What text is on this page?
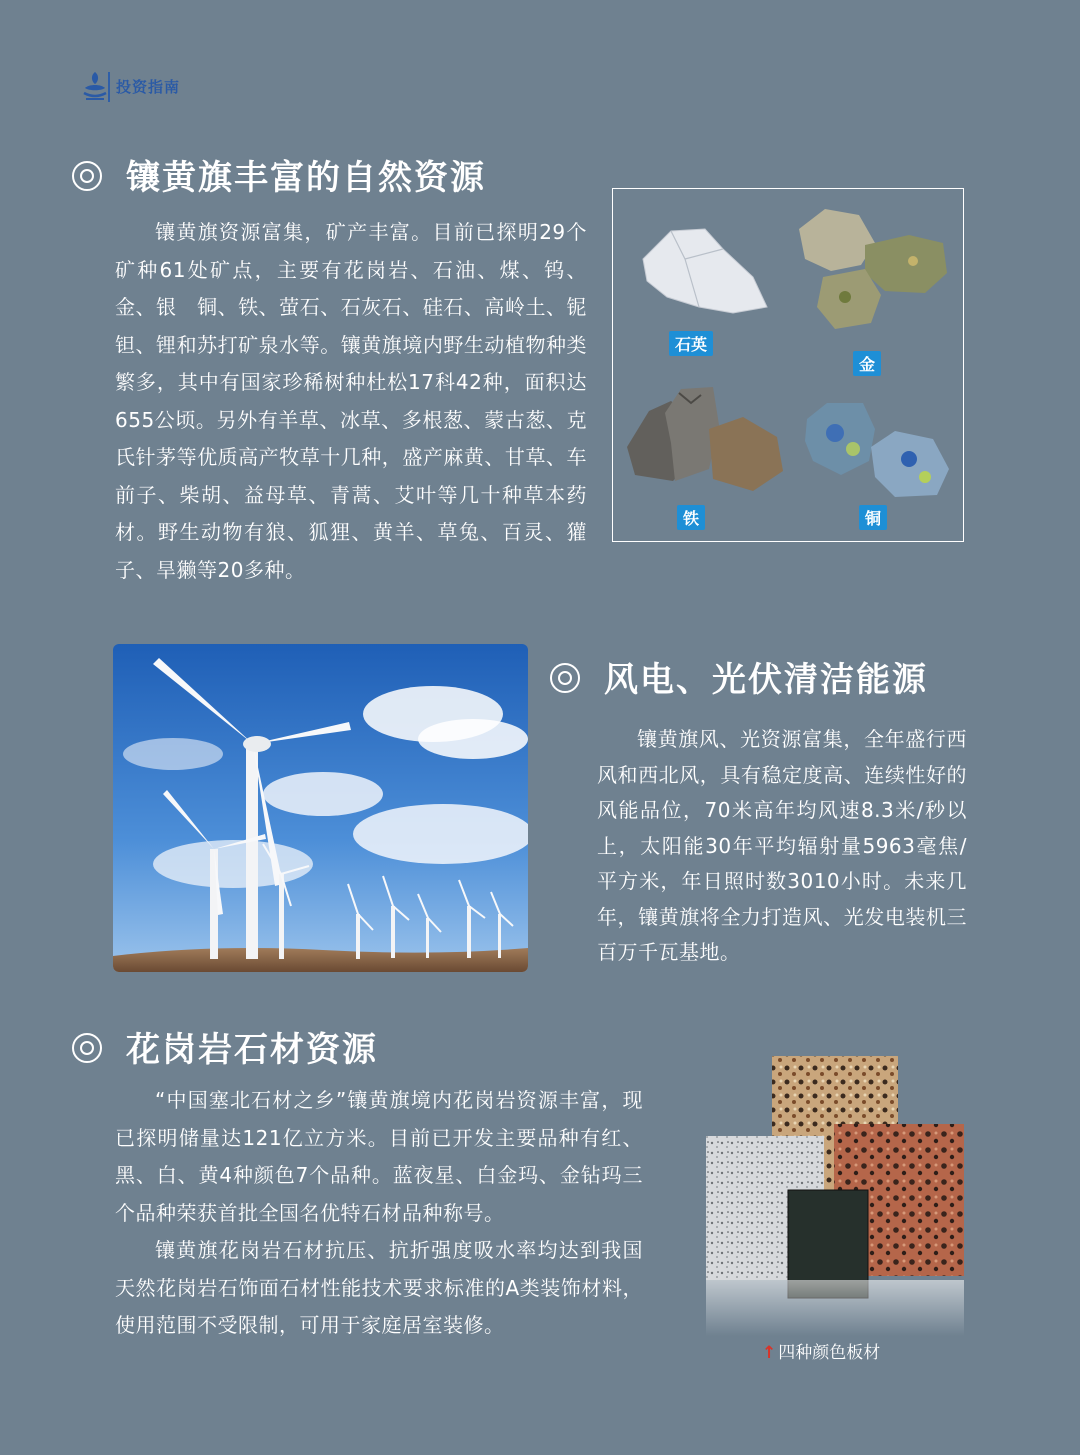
投资指南
镶黄旗丰富的自然资源

镶黄旗资源富集，矿产丰富。目前已探明29个矿种61处矿点，主要有花岗岩、石油、煤、钨、金、银　铜、铁、萤石、石灰石、硅石、高岭土、铌钽、锂和苏打矿泉水等。镶黄旗境内野生动植物种类繁多，其中有国家珍稀树种杜松17科42种，面积达655公顷。另外有羊草、冰草、多根葱、蒙古葱、克氏针茅等优质高产牧草十几种，盛产麻黄、甘草、车前子、柴胡、益母草、青蒿、艾叶等几十种草本药材。野生动物有狼、狐狸、黄羊、草兔、百灵、獾子、旱獭等20多种。

石英
金
铁	铜
风电、光伏清洁能源

镶黄旗风、光资源富集，全年盛行西风和西北风，具有稳定度高、连续性好的风能品位，70米高年均风速8.3米/秒以上，太阳能30年平均辐射量5963毫焦/平方米，年日照时数3010小时。未来几年，镶黄旗将全力打造风、光发电装机三百万千瓦基地。

花岗岩石材资源

“中国塞北石材之乡”镶黄旗境内花岗岩资源丰富，现已探明储量达121亿立方米。目前已开发主要品种有红、黑、白、黄4种颜色7个品种。蓝夜星、白金玛、金钻玛三个品种荣获首批全国名优特石材品种称号。

镶黄旗花岗岩石材抗压、抗折强度吸水率均达到我国天然花岗岩石饰面石材性能技术要求标准的A类装饰材料，使用范围不受限制，可用于家庭居室装修。

↑ 四种颜色板材
